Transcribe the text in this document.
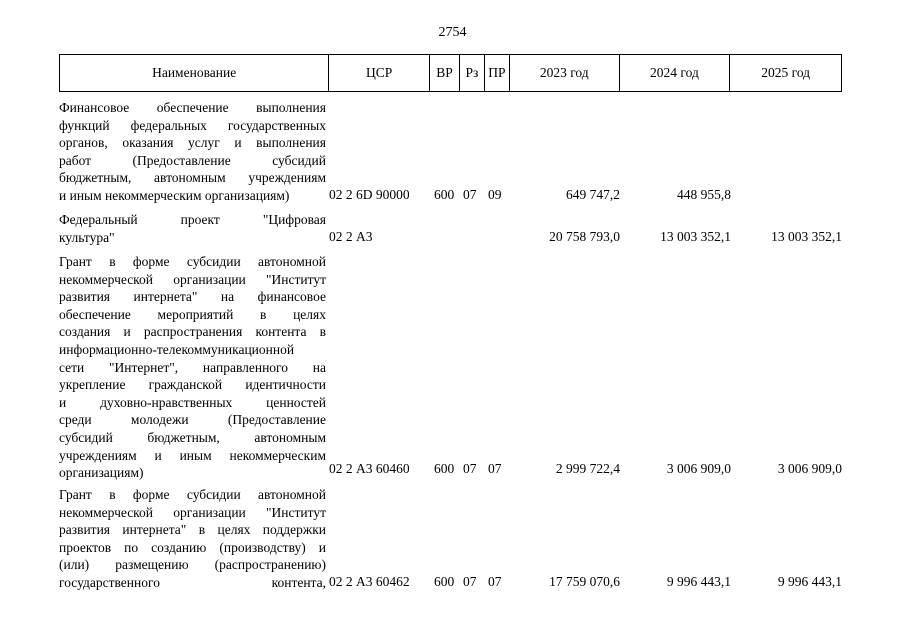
2754
Наименование	ЦСР	ВР Рз ПР	2023 год	2024 год	2025 год
Финансовое обеспечение выполнения
функций федеральных государственных
органов, оказания услуг и выполнения
работ (Предоставление субсидий
бюджетным, автономным учреждениям
и иным некоммерческим организациям)	02 2 6D 90000 600 07 09	649 747,2	448 955,8
Федеральный проект "Цифровая
культура"	02 2 А3	20 758 793,0	13 003 352,1	13 003 352,1
Грант в форме субсидии автономной
некоммерческой организации "Институт
развития интернета" на финансовое
обеспечение мероприятий в целях
создания и распространения контента в
информационно-телекоммуникационной
сети "Интернет", направленного на
укрепление гражданской идентичности
и духовно-нравственных ценностей
среди молодежи (Предоставление
субсидий бюджетным, автономным
учреждениям и иным некоммерческим
организациям)	02 2 А3 60460 600 07 07	2 999 722,4	3 006 909,0	3 006 909,0
Грант в форме субсидии автономной
некоммерческой организации "Институт
развития интернета" в целях поддержки
проектов по созданию (производству) и
(или) размещению (распространению)
государственного контента, 02 2 А3 60462 600 07 07	17 759 070,6	9 996 443,1	9 996 443,1
